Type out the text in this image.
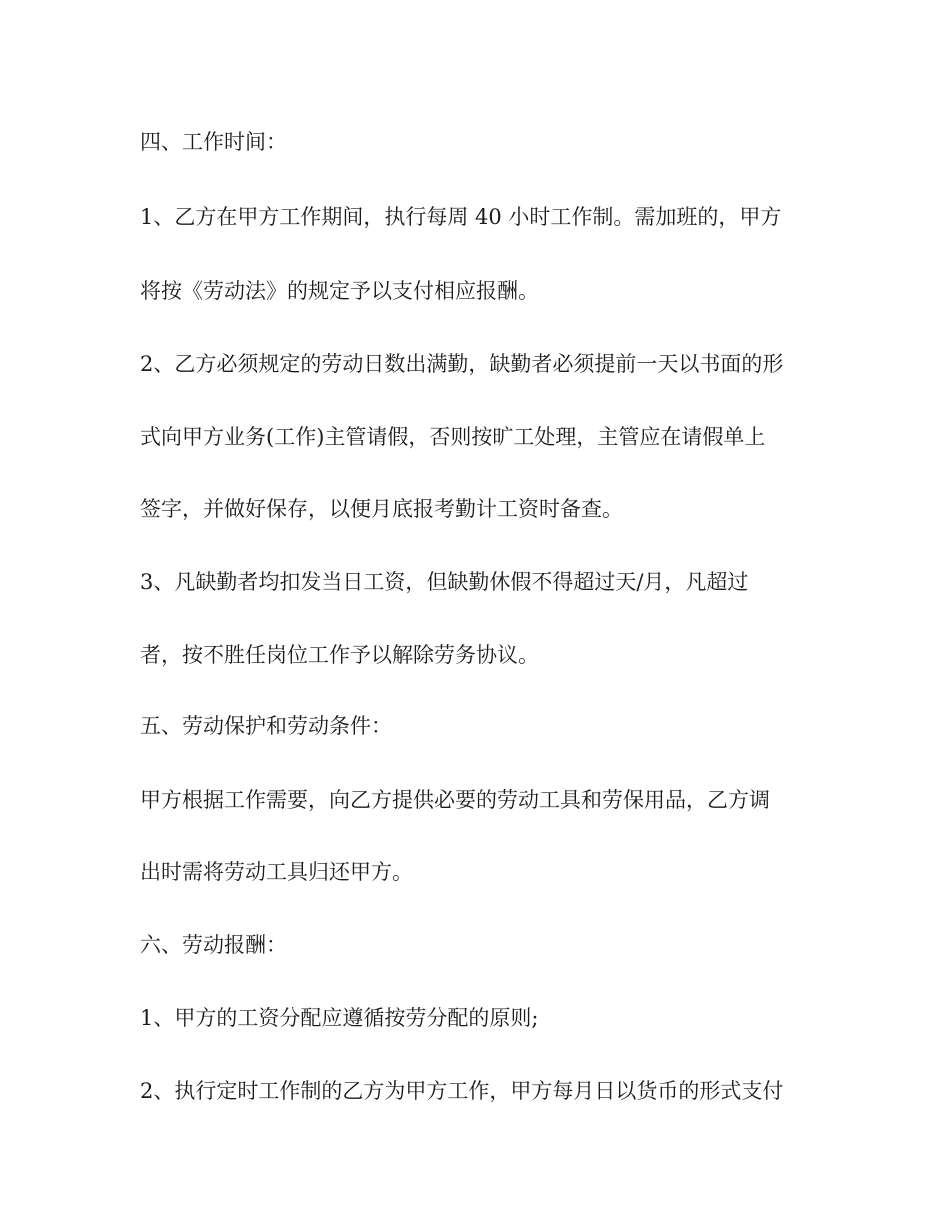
四、工作时间：
1、乙方在甲方工作期间，执行每周 40 小时工作制。需加班的，甲方
将按《劳动法》的规定予以支付相应报酬。
2、乙方必须规定的劳动日数出满勤，缺勤者必须提前一天以书面的形
式向甲方业务(工作)主管请假，否则按旷工处理，主管应在请假单上
签字，并做好保存，以便月底报考勤计工资时备查。
3、凡缺勤者均扣发当日工资，但缺勤休假不得超过天/月，凡超过
者，按不胜任岗位工作予以解除劳务协议。
五、劳动保护和劳动条件：
甲方根据工作需要，向乙方提供必要的劳动工具和劳保用品，乙方调
出时需将劳动工具归还甲方。
六、劳动报酬：
1、甲方的工资分配应遵循按劳分配的原则;
2、执行定时工作制的乙方为甲方工作，甲方每月日以货币的形式支付
